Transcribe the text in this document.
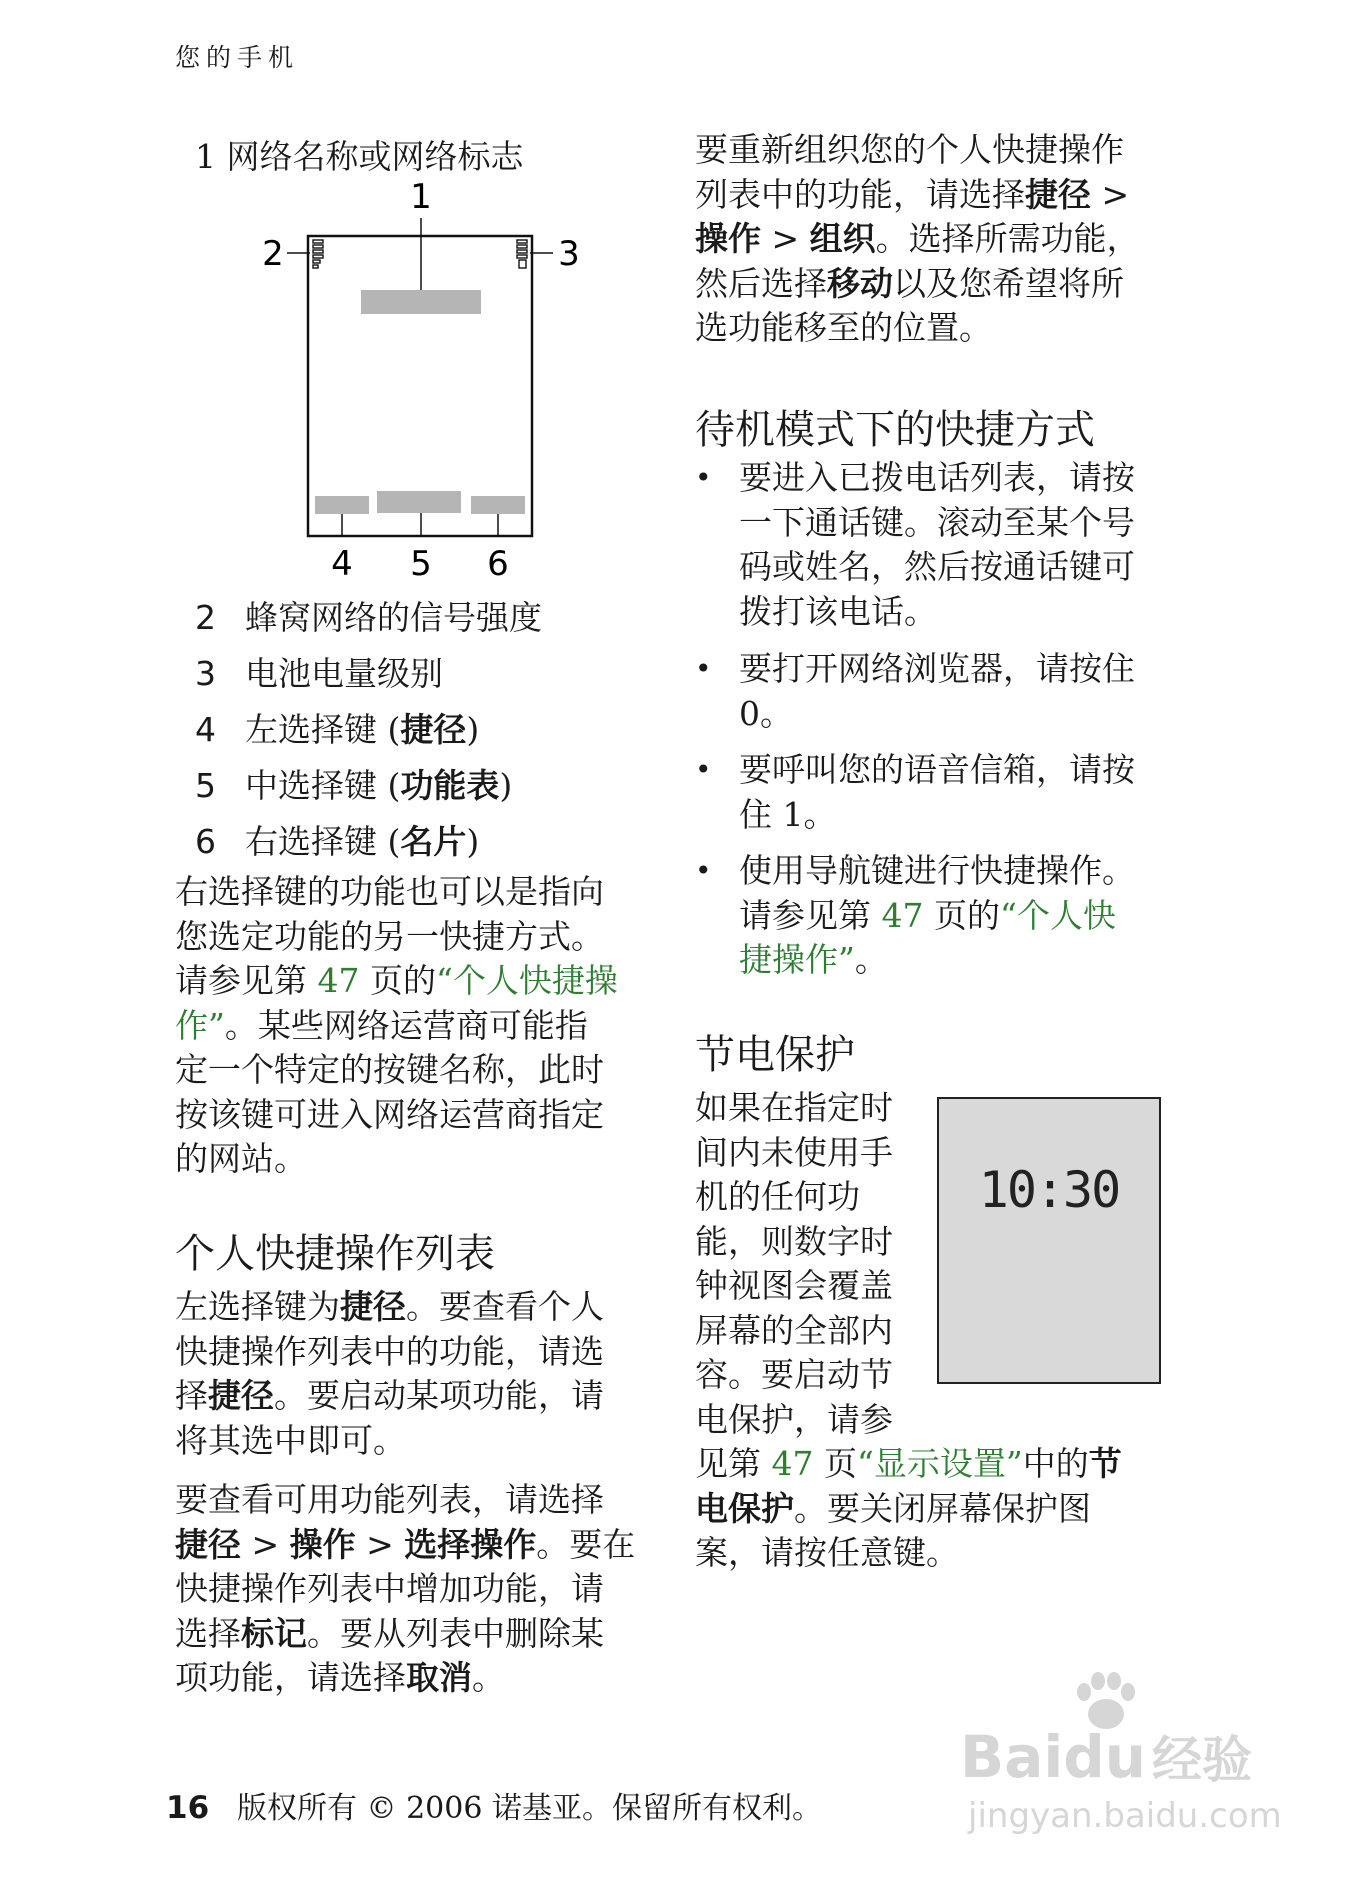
您的手机
1 网络名称或网络标志
1
2	3
4 5 6
2 蜂窝网络的信号强度
3 电池电量级别
4 左选择键 (捷径)
5 中选择键 (功能表)
6 右选择键 (名片)
右选择键的功能也可以是指向
您选定功能的另一快捷方式。
请参见第 47 页的“个人快捷操
作”。某些网络运营商可能指
定一个特定的按键名称，此时
按该键可进入网络运营商指定
的网站。
个人快捷操作列表
左选择键为捷径。要查看个人
快捷操作列表中的功能，请选
择捷径。要启动某项功能，请
将其选中即可。
要查看可用功能列表，请选择
捷径 > 操作 > 选择操作。要在
快捷操作列表中增加功能，请
选择标记。要从列表中删除某
项功能，请选择取消。
要重新组织您的个人快捷操作
列表中的功能，请选择捷径 >
操作 > 组织。选择所需功能，
然后选择移动以及您希望将所
选功能移至的位置。
待机模式下的快捷方式
• 要进入已拨电话列表，请按
一下通话键。滚动至某个号
码或姓名，然后按通话键可
拨打该电话。
• 要打开网络浏览器，请按住
0。
• 要呼叫您的语音信箱，请按
住 1。
• 使用导航键进行快捷操作。
请参见第 47 页的“个人快
捷操作”。
节电保护
如果在指定时
间内未使用手
机的任何功
能，则数字时
钟视图会覆盖
屏幕的全部内
容。要启动节
电保护，请参
见第 47 页“显示设置”中的节
电保护。要关闭屏幕保护图
案，请按任意键。
10:30
16 版权所有 © 2006 诺基亚。保留所有权利。
Baidu 经验
jingyan.baidu.com
